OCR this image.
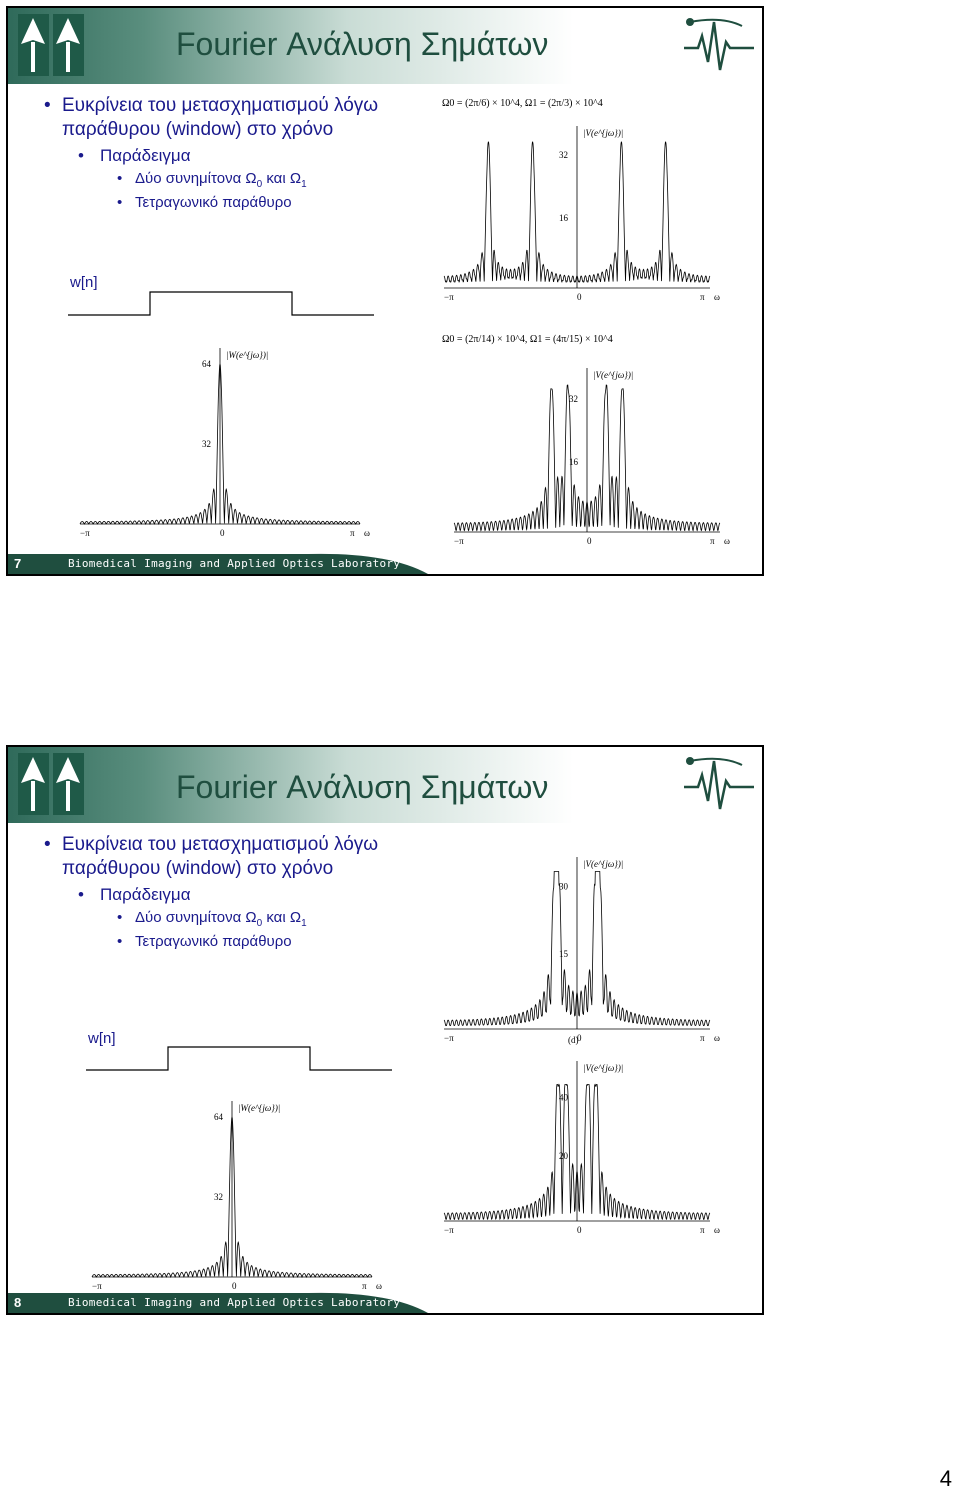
Fourier Ανάλυση Σημάτων
• Ευκρίνεια του μετασχηματισμού λόγω παράθυρου (window) στο χρόνο
• Παράδειγμα
• Δύο συνημίτονα $\Omega_0$ και $\Omega_1$
• Τετραγωνικό παράθυρο
w[n]
−π	0	π ω
64
32
|W(e^{jω})|
−π	0	π ω
32
16
|V(e^{jω})|
Ω0 = (2π/6) × 10^4, Ω1 = (2π/3) × 10^4
−π	0	π ω
32
16
|V(e^{jω})|
Ω0 = (2π/14) × 10^4, Ω1 = (4π/15) × 10^4
7	Biomedical Imaging and Applied Optics Laboratory
Fourier Ανάλυση Σημάτων
• Ευκρίνεια του μετασχηματισμού λόγω παράθυρου (window) στο χρόνο
• Παράδειγμα
• Δύο συνημίτονα $\Omega_0$ και $\Omega_1$
• Τετραγωνικό παράθυρο
w[n]
−π	0	π ω
64
32
|W(e^{jω})|
−π	0	π ω
30
15
|V(e^{jω})|
(d)
−π	0	π ω
40
20
|V(e^{jω})|
8	Biomedical Imaging and Applied Optics Laboratory
4
